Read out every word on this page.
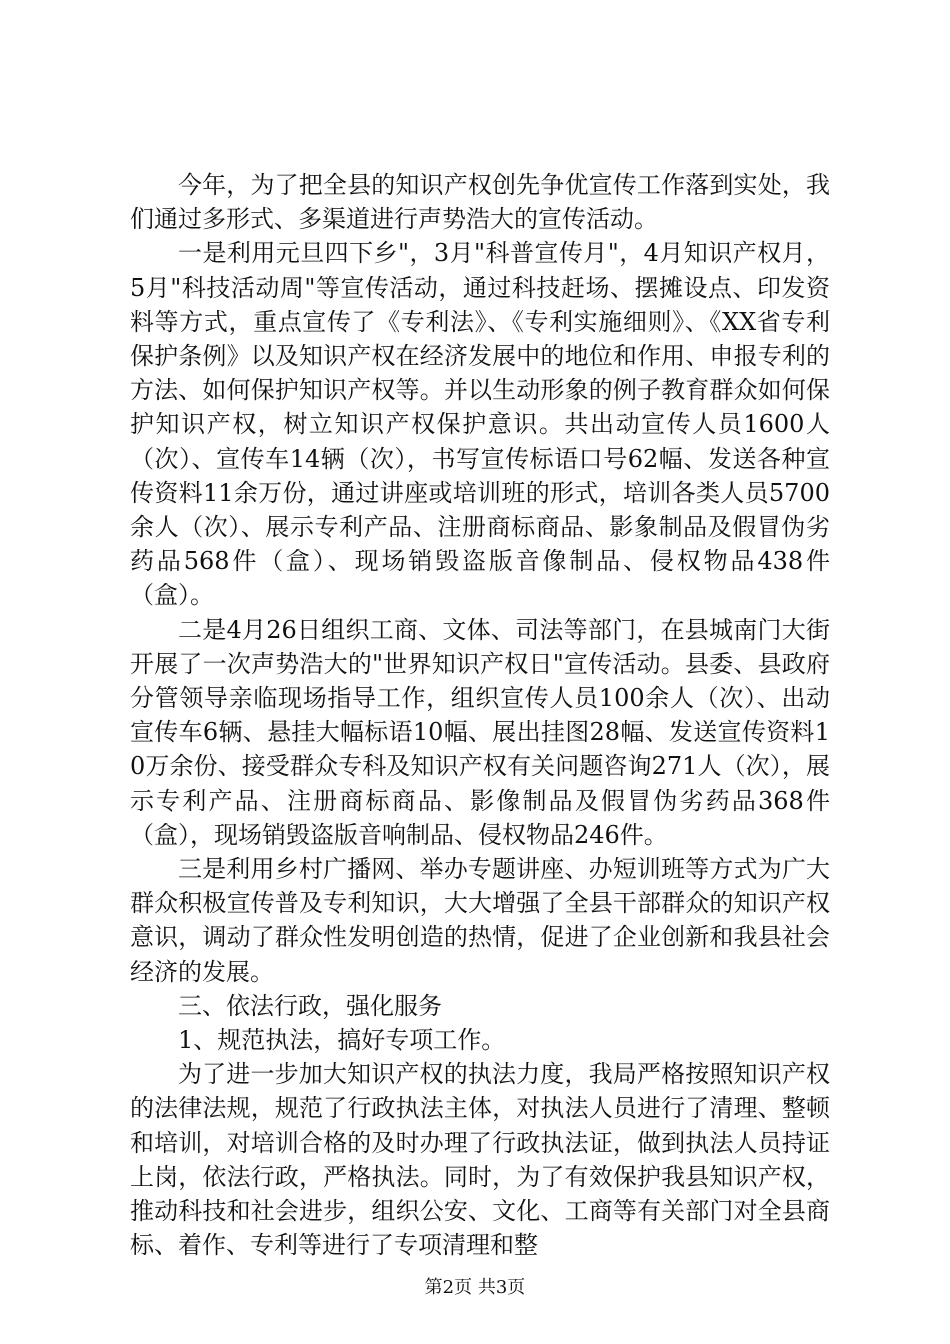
今年，为了把全县的知识产权创先争优宣传工作落到实处，我们通过多形式、多渠道进行声势浩大的宣传活动。

一是利用元旦四下乡"，3月"科普宣传月"，4月知识产权月，5月"科技活动周"等宣传活动，通过科技赶场、摆摊设点、印发资料等方式，重点宣传了《专利法》、《专利实施细则》、《XX省专利保护条例》以及知识产权在经济发展中的地位和作用、申报专利的方法、如何保护知识产权等。并以生动形象的例子教育群众如何保护知识产权，树立知识产权保护意识。共出动宣传人员1600人（次）、宣传车14辆（次），书写宣传标语口号62幅、发送各种宣传资料11余万份，通过讲座或培训班的形式，培训各类人员5700余人（次）、展示专利产品、注册商标商品、影象制品及假冒伪劣药品568件（盒）、现场销毁盗版音像制品、侵权物品438件（盒）。

二是4月26日组织工商、文体、司法等部门，在县城南门大街开展了一次声势浩大的"世界知识产权日"宣传活动。县委、县政府分管领导亲临现场指导工作，组织宣传人员100余人（次）、出动宣传车6辆、悬挂大幅标语10幅、展出挂图28幅、发送宣传资料10万余份、接受群众专科及知识产权有关问题咨询271人（次），展示专利产品、注册商标商品、影像制品及假冒伪劣药品368件（盒），现场销毁盗版音响制品、侵权物品246件。

三是利用乡村广播网、举办专题讲座、办短训班等方式为广大群众积极宣传普及专利知识，大大增强了全县干部群众的知识产权意识，调动了群众性发明创造的热情，促进了企业创新和我县社会经济的发展。

三、依法行政，强化服务

1、规范执法，搞好专项工作。

为了进一步加大知识产权的执法力度，我局严格按照知识产权的法律法规，规范了行政执法主体，对执法人员进行了清理、整顿和培训，对培训合格的及时办理了行政执法证，做到执法人员持证上岗，依法行政，严格执法。同时，为了有效保护我县知识产权，推动科技和社会进步，组织公安、文化、工商等有关部门对全县商标、着作、专利等进行了专项清理和整

第2页 共3页
